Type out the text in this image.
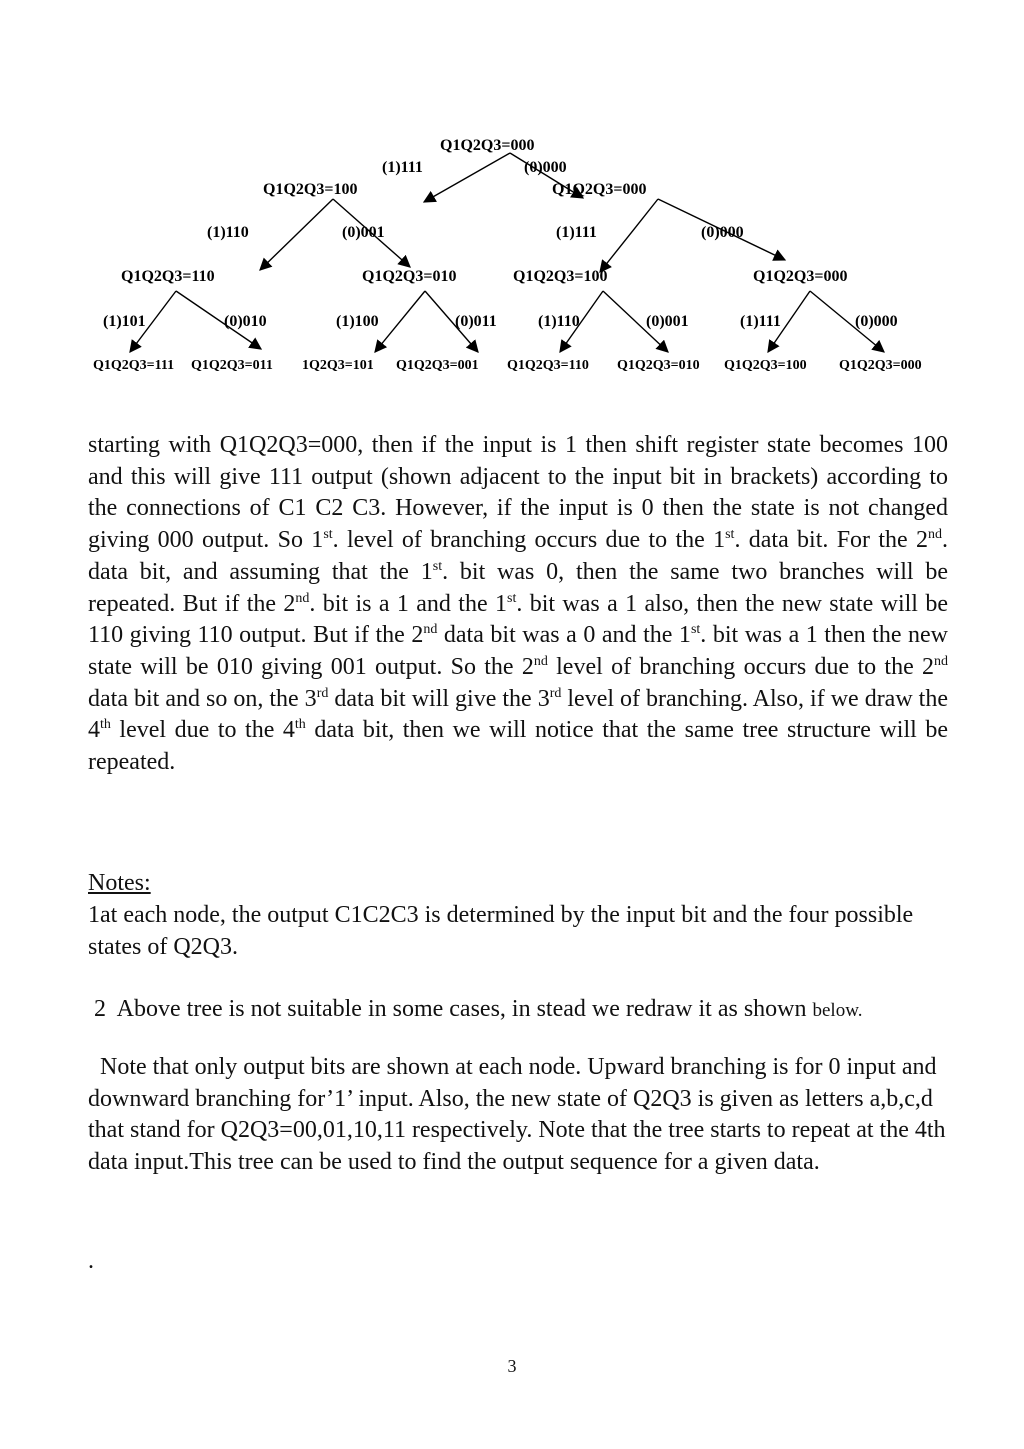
Q1Q2Q3=000
Q1Q2Q3=100	Q1Q2Q3=000
Q1Q2Q3=110	Q1Q2Q3=010	Q1Q2Q3=100	Q1Q2Q3=000
(1)111	(0)000
(1)110	(0)001	(1)111	(0)000
(1)101	(0)010	(1)100	(0)011	(1)110	(0)001	(1)111	(0)000
Q1Q2Q3=111 Q1Q2Q3=011 1Q2Q3=101 Q1Q2Q3=001 Q1Q2Q3=110 Q1Q2Q3=010 Q1Q2Q3=100 Q1Q2Q3=000

starting with Q1Q2Q3=000, then if the input is 1 then shift register state becomes 100 and this will give 111 output (shown adjacent to the input bit in brackets) according to the connections of C1 C2 C3. However, if the input is 0 then the state is not changed giving 000 output. So 1st. level of branching occurs due to the 1st. data bit. For the 2nd. data bit, and assuming that the 1st. bit was 0, then the same two branches will be repeated. But if the 2nd. bit is a 1 and the 1st. bit was a 1 also, then the new state will be 110 giving 110 output. But if the 2nd data bit was a 0 and the 1st. bit was a 1 then the new state will be 010 giving 001 output. So the 2nd level of branching occurs due to the 2nd data bit and so on, the 3rd data bit will give the 3rd level of branching. Also, if we draw the 4th level due to the 4th data bit, then we will notice that the same tree structure will be repeated.

Notes:

1at each node, the output C1C2C3 is determined by the input bit and the four possible states of Q2Q3.

2  Above tree is not suitable in some cases, in stead we redraw it as shown below.

Note that only output bits are shown at each node. Upward branching is for 0 input and downward branching for’1’ input. Also, the new state of Q2Q3 is given as letters a,b,c,d that stand for Q2Q3=00,01,10,11 respectively. Note that the tree starts to repeat at the 4th data input.This tree can be used to find the output sequence for a given data.

.

3
